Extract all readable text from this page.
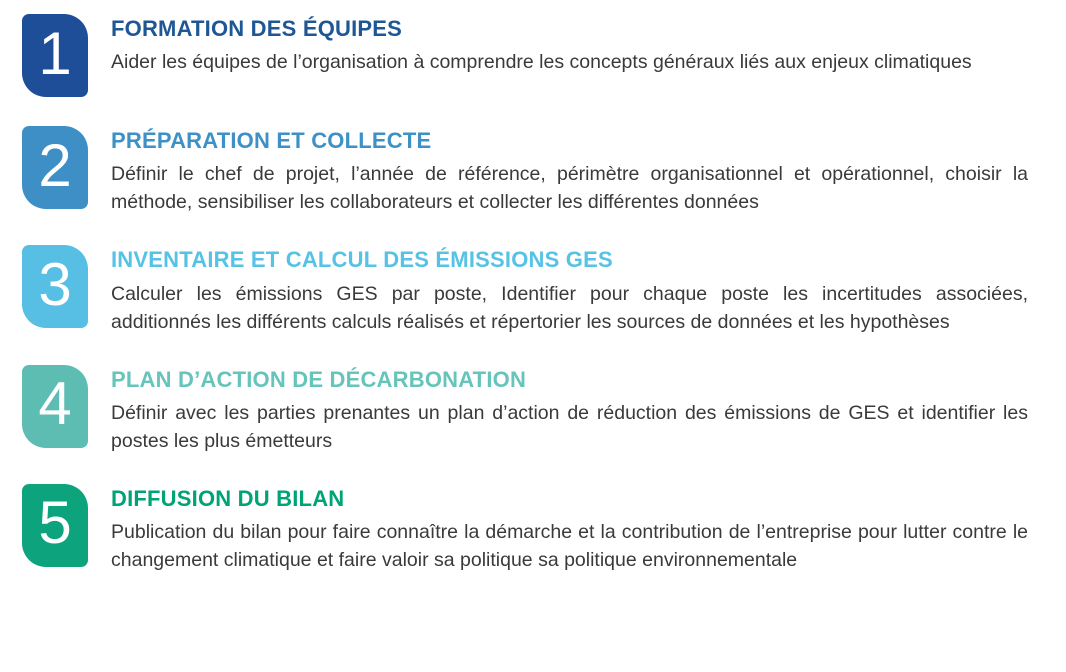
1 FORMATION DES ÉQUIPES

Aider les équipes de l’organisation à comprendre les concepts généraux liés aux enjeux climatiques

2 PRÉPARATION ET COLLECTE

Définir le chef de projet, l’année de référence, périmètre organisationnel et opérationnel, choisir la méthode, sensibiliser les collaborateurs et collecter les différentes données

3 INVENTAIRE ET CALCUL DES ÉMISSIONS GES

Calculer les émissions GES par poste, Identifier pour chaque poste les incertitudes associées, additionnés les différents calculs réalisés et répertorier les sources de données et les hypothèses

4 PLAN D’ACTION DE DÉCARBONATION

Définir avec les parties prenantes un plan d’action de réduction des émissions de GES et identifier les postes les plus émetteurs

5 DIFFUSION DU BILAN

Publication du bilan pour faire connaître la démarche et la contribution de l’entreprise pour lutter contre le changement climatique et faire valoir sa politique sa politique environnementale
